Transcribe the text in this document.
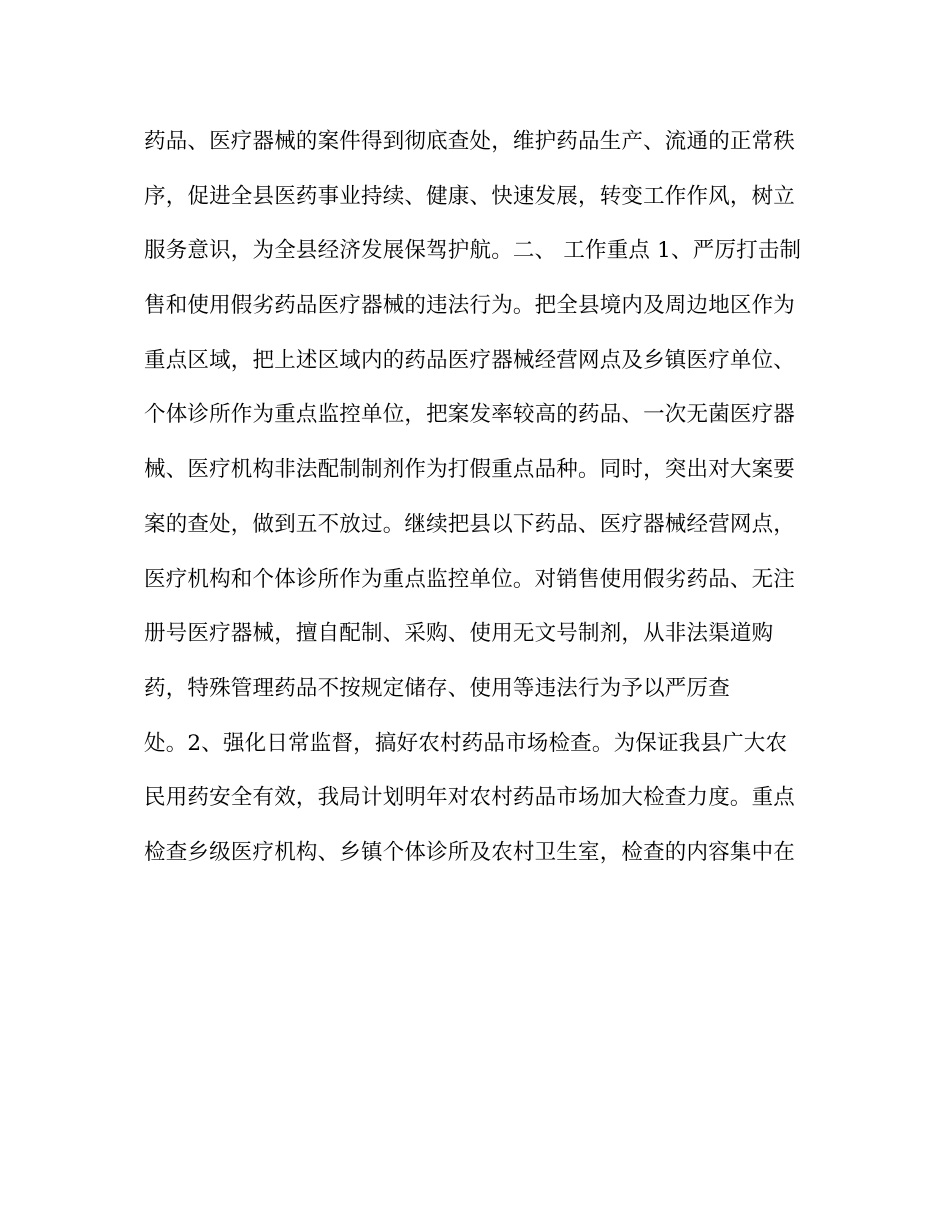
药品、医疗器械的案件得到彻底查处，维护药品生产、流通的正常秩
序，促进全县医药事业持续、健康、快速发展，转变工作作风，树立
服务意识，为全县经济发展保驾护航。二、 工作重点 1、严厉打击制
售和使用假劣药品医疗器械的违法行为。把全县境内及周边地区作为
重点区域，把上述区域内的药品医疗器械经营网点及乡镇医疗单位、
个体诊所作为重点监控单位，把案发率较高的药品、一次无菌医疗器
械、医疗机构非法配制制剂作为打假重点品种。同时，突出对大案要
案的查处，做到五不放过。继续把县以下药品、医疗器械经营网点，
医疗机构和个体诊所作为重点监控单位。对销售使用假劣药品、无注
册号医疗器械，擅自配制、采购、使用无文号制剂，从非法渠道购
药，特殊管理药品不按规定储存、使用等违法行为予以严厉查
处。2、强化日常监督，搞好农村药品市场检查。为保证我县广大农
民用药安全有效，我局计划明年对农村药品市场加大检查力度。重点
检查乡级医疗机构、乡镇个体诊所及农村卫生室，检查的内容集中在
